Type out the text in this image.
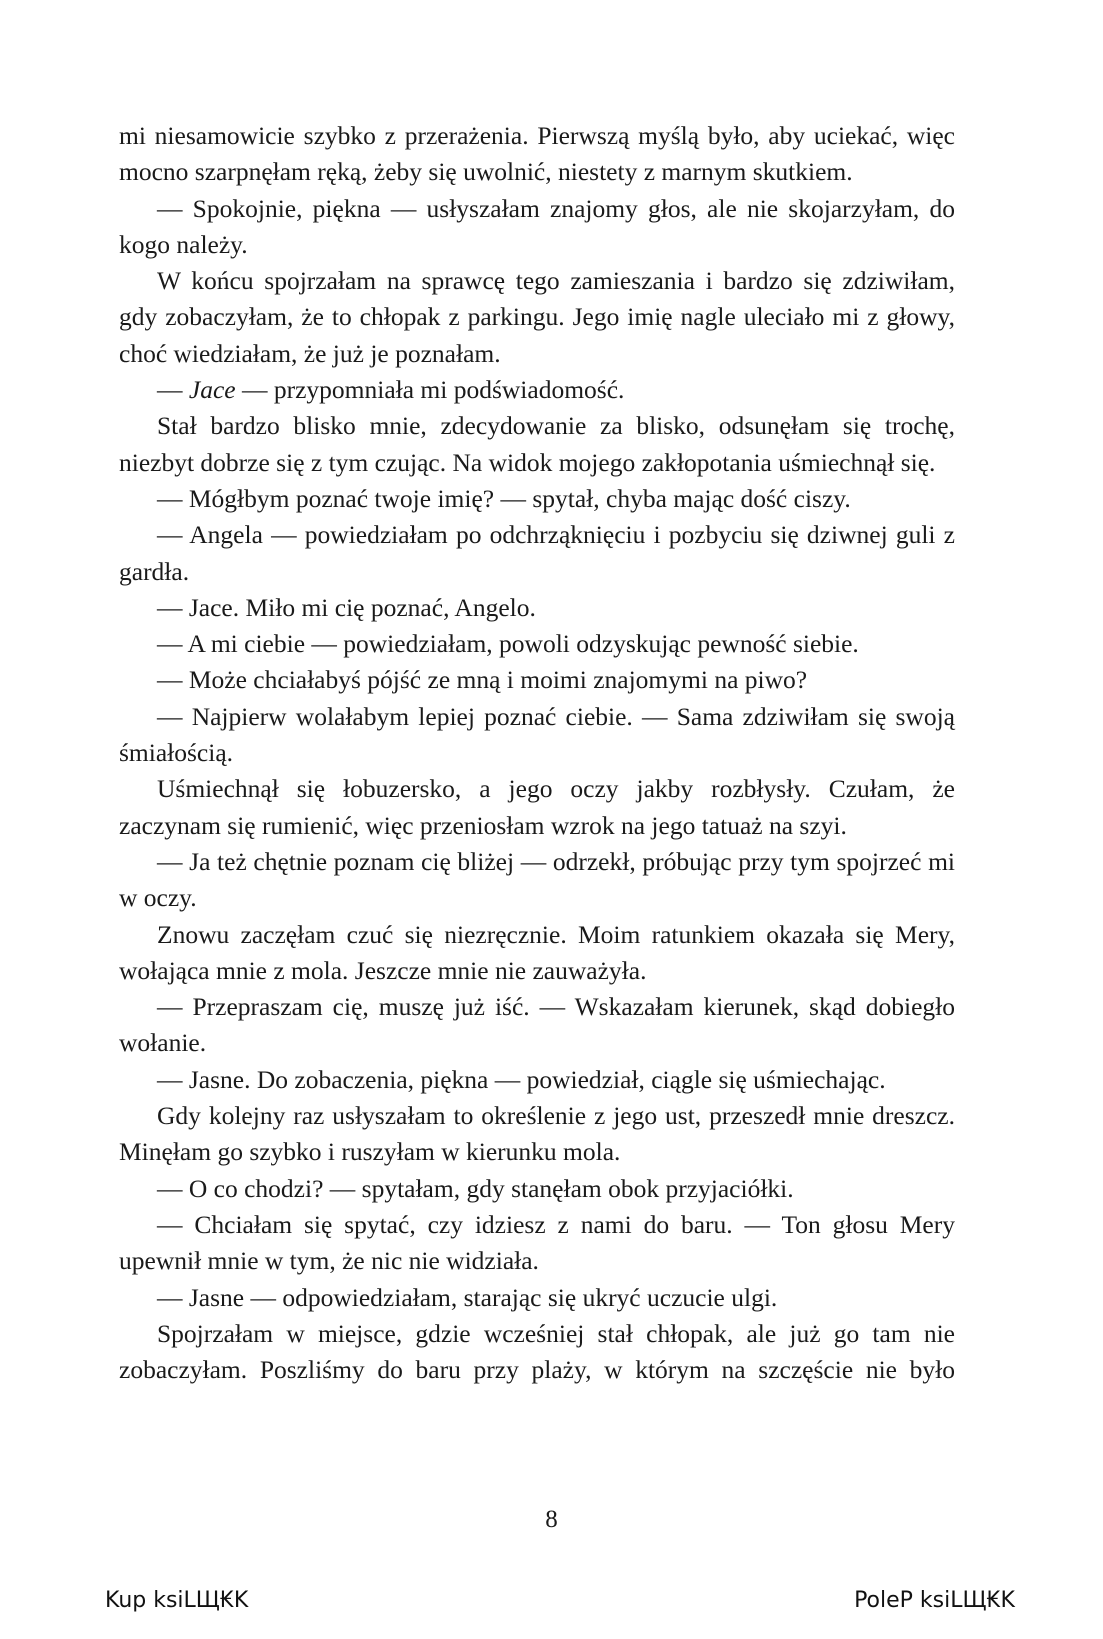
mi niesamowicie szybko z przerażenia. Pierwszą myślą było, aby uciekać, więc mocno szarpnęłam ręką, żeby się uwolnić, niestety z marnym skutkiem.

— Spokojnie, piękna — usłyszałam znajomy głos, ale nie skojarzyłam, do kogo należy.

W końcu spojrzałam na sprawcę tego zamieszania i bardzo się zdziwiłam, gdy zobaczyłam, że to chłopak z parkingu. Jego imię nagle uleciało mi z głowy, choć wiedziałam, że już je poznałam.

— Jace — przypomniała mi podświadomość.

Stał bardzo blisko mnie, zdecydowanie za blisko, odsunęłam się trochę, niezbyt dobrze się z tym czując. Na widok mojego zakłopotania uśmiechnął się.

— Mógłbym poznać twoje imię? — spytał, chyba mając dość ciszy.

— Angela — powiedziałam po odchrząknięciu i pozbyciu się dziwnej guli z gardła.

— Jace. Miło mi cię poznać, Angelo.

— A mi ciebie — powiedziałam, powoli odzyskując pewność siebie.

— Może chciałabyś pójść ze mną i moimi znajomymi na piwo?

— Najpierw wolałabym lepiej poznać ciebie. — Sama zdziwiłam się swoją śmiałością.

Uśmiechnął się łobuzersko, a jego oczy jakby rozbłysły. Czułam, że zaczynam się rumienić, więc przeniosłam wzrok na jego tatuaż na szyi.

— Ja też chętnie poznam cię bliżej — odrzekł, próbując przy tym spojrzeć mi w oczy.

Znowu zaczęłam czuć się niezręcznie. Moim ratunkiem okazała się Mery, wołająca mnie z mola. Jeszcze mnie nie zauważyła.

— Przepraszam cię, muszę już iść. — Wskazałam kierunek, skąd dobiegło wołanie.

— Jasne. Do zobaczenia, piękna — powiedział, ciągle się uśmiechając.

Gdy kolejny raz usłyszałam to określenie z jego ust, przeszedł mnie dreszcz. Minęłam go szybko i ruszyłam w kierunku mola.

— O co chodzi? — spytałam, gdy stanęłam obok przyjaciółki.

— Chciałam się spytać, czy idziesz z nami do baru. — Ton głosu Mery upewnił mnie w tym, że nic nie widziała.

— Jasne — odpowiedziałam, starając się ukryć uczucie ulgi.

Spojrzałam w miejsce, gdzie wcześniej stał chłopak, ale już go tam nie zobaczyłam. Poszliśmy do baru przy plaży, w którym na szczęście nie było

8
Kup ksiLЩ₭K	PoleP ksiLЩ₭K
